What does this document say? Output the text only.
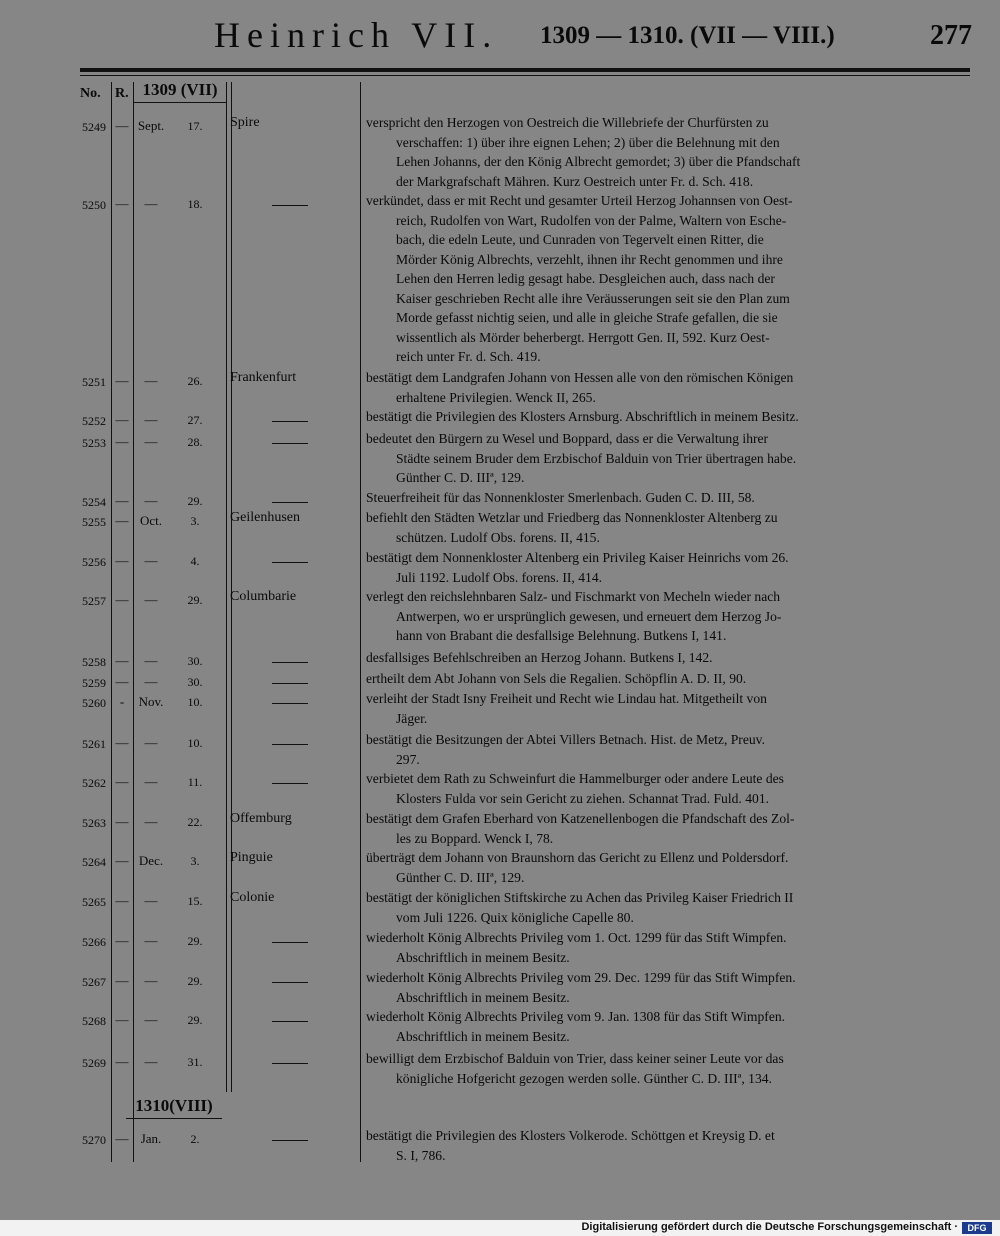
Heinrich VII. 1309 — 1310. (VII — VIII.)	277
No. R. 1309 (VII)
1310(VIII)
5249 — Sept.	17.	Spire	verspricht den Herzogen von Oestreich die Willebriefe der Churfürsten zu
verschaffen: 1) über ihre eignen Lehen; 2) über die Belehnung mit den
Lehen Johanns, der den König Albrecht gemordet; 3) über die Pfandschaft
der Markgrafschaft Mähren. Kurz Oestreich unter Fr. d. Sch. 418.
5250 —	—	18.	verkündet, dass er mit Recht und gesamter Urteil Herzog Johannsen von Oest-
reich, Rudolfen von Wart, Rudolfen von der Palme, Waltern von Esche-
bach, die edeln Leute, und Cunraden von Tegervelt einen Ritter, die
Mörder König Albrechts, verzehlt, ihnen ihr Recht genommen und ihre
Lehen den Herren ledig gesagt habe. Desgleichen auch, dass nach der
Kaiser geschrieben Recht alle ihre Veräusserungen seit sie den Plan zum
Morde gefasst nichtig seien, und alle in gleiche Strafe gefallen, die sie
wissentlich als Mörder beherbergt. Herrgott Gen. II, 592. Kurz Oest-
reich unter Fr. d. Sch. 419.
5251 —	—	26.	Frankenfurt	bestätigt dem Landgrafen Johann von Hessen alle von den römischen Königen
erhaltene Privilegien. Wenck II, 265.
5252 —	—	27.	bestätigt die Privilegien des Klosters Arnsburg. Abschriftlich in meinem Besitz.
5253 —	—	28.	bedeutet den Bürgern zu Wesel und Boppard, dass er die Verwaltung ihrer
Städte seinem Bruder dem Erzbischof Balduin von Trier übertragen habe.
Günther C. D. IIIª, 129.
5254 —	—	29.	Steuerfreiheit für das Nonnenkloster Smerlenbach. Guden C. D. III, 58.
5255 — Oct.	3.	Geilenhusen	befiehlt den Städten Wetzlar und Friedberg das Nonnenkloster Altenberg zu
schützen. Ludolf Obs. forens. II, 415.
5256 —	—	4.	bestätigt dem Nonnenkloster Altenberg ein Privileg Kaiser Heinrichs vom 26.
Juli 1192. Ludolf Obs. forens. II, 414.
5257 —	—	29.	Columbarie	verlegt den reichslehnbaren Salz- und Fischmarkt von Mecheln wieder nach
Antwerpen, wo er ursprünglich gewesen, und erneuert dem Herzog Jo-
hann von Brabant die desfallsige Belehnung. Butkens I, 141.
5258 —	—	30.	desfallsiges Befehlschreiben an Herzog Johann. Butkens I, 142.
5259 —	—	30.	ertheilt dem Abt Johann von Sels die Regalien. Schöpflin A. D. II, 90.
5260	-	Nov.	10.	verleiht der Stadt Isny Freiheit und Recht wie Lindau hat. Mitgetheilt von
Jäger.
5261 —	—	10.	bestätigt die Besitzungen der Abtei Villers Betnach. Hist. de Metz, Preuv.
297.
5262 —	—	11.	verbietet dem Rath zu Schweinfurt die Hammelburger oder andere Leute des
Klosters Fulda vor sein Gericht zu ziehen. Schannat Trad. Fuld. 401.
5263 —	—	22.	Offemburg	bestätigt dem Grafen Eberhard von Katzenellenbogen die Pfandschaft des Zol-
les zu Boppard. Wenck I, 78.
5264 — Dec.	3.	Pinguie	überträgt dem Johann von Braunshorn das Gericht zu Ellenz und Poldersdorf.
Günther C. D. IIIª, 129.
5265 —	—	15.	Colonie	bestätigt der königlichen Stiftskirche zu Achen das Privileg Kaiser Friedrich II
vom Juli 1226. Quix königliche Capelle 80.
5266 —	—	29.	wiederholt König Albrechts Privileg vom 1. Oct. 1299 für das Stift Wimpfen.
Abschriftlich in meinem Besitz.
5267 —	—	29.	wiederholt König Albrechts Privileg vom 29. Dec. 1299 für das Stift Wimpfen.
Abschriftlich in meinem Besitz.
5268 —	—	29.	wiederholt König Albrechts Privileg vom 9. Jan. 1308 für das Stift Wimpfen.
Abschriftlich in meinem Besitz.
5269 —	—	31.	bewilligt dem Erzbischof Balduin von Trier, dass keiner seiner Leute vor das
königliche Hofgericht gezogen werden solle. Günther C. D. IIIª, 134.
5270 — Jan.	2.	bestätigt die Privilegien des Klosters Volkerode. Schöttgen et Kreysig D. et
S. I, 786.
Digitalisierung gefördert durch die Deutsche Forschungsgemeinschaft ·	DFG
